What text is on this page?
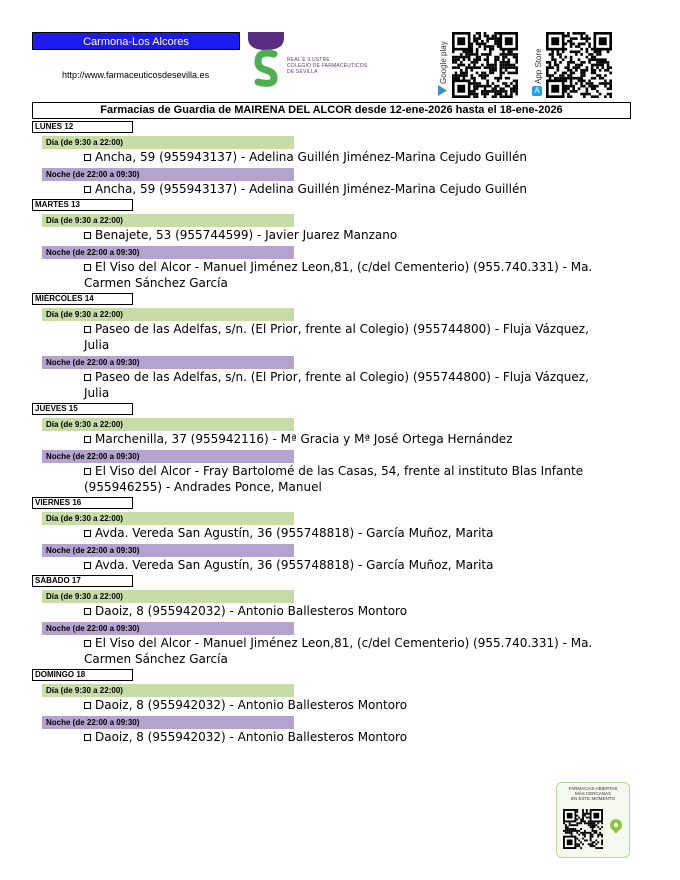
Carmona-Los Alcores
http://www.farmaceuticosdesevilla.es
REAL E ILUSTRE
COLEGIO DE FARMACÉUTICOS
DE SEVILLA	Google play	App Store
A
Farmacias de Guardia de MAIRENA DEL ALCOR desde 12-ene-2026 hasta el 18-ene-2026
LUNES 12
Día (de 9:30 a 22:00)
Ancha, 59 (955943137) - Adelina Guillén Jiménez-Marina Cejudo Guillén
Noche (de 22:00 a 09:30)
Ancha, 59 (955943137) - Adelina Guillén Jiménez-Marina Cejudo Guillén
MARTES 13
Día (de 9:30 a 22:00)
Benajete, 53 (955744599) - Javier Juarez Manzano
Noche (de 22:00 a 09:30)
El Viso del Alcor - Manuel Jiménez Leon,81, (c/del Cementerio) (955.740.331) - Ma. Carmen Sánchez García
MIÉRCOLES 14
Día (de 9:30 a 22:00)
Paseo de las Adelfas, s/n. (El Prior, frente al Colegio) (955744800) - Fluja Vázquez, Julia
Noche (de 22:00 a 09:30)
Paseo de las Adelfas, s/n. (El Prior, frente al Colegio) (955744800) - Fluja Vázquez, Julia
JUEVES 15
Día (de 9:30 a 22:00)
Marchenilla, 37 (955942116) - Mª Gracia y Mª José Ortega Hernández
Noche (de 22:00 a 09:30)
El Viso del Alcor - Fray Bartolomé de las Casas, 54, frente al instituto Blas Infante (955946255) - Andrades Ponce, Manuel
VIERNES 16
Día (de 9:30 a 22:00)
Avda. Vereda San Agustín, 36 (955748818) - García Muñoz, Marita
Noche (de 22:00 a 09:30)
Avda. Vereda San Agustín, 36 (955748818) - García Muñoz, Marita
SÁBADO 17
Día (de 9:30 a 22:00)
Daoiz, 8 (955942032) - Antonio Ballesteros Montoro
Noche (de 22:00 a 09:30)
El Viso del Alcor - Manuel Jiménez Leon,81, (c/del Cementerio) (955.740.331) - Ma. Carmen Sánchez García
DOMINGO 18
Día (de 9:30 a 22:00)
Daoiz, 8 (955942032) - Antonio Ballesteros Montoro
Noche (de 22:00 a 09:30)
Daoiz, 8 (955942032) - Antonio Ballesteros Montoro
FARMACIAS ABIERTAS
MÁS CERCANAS
EN ESTE MOMENTO
